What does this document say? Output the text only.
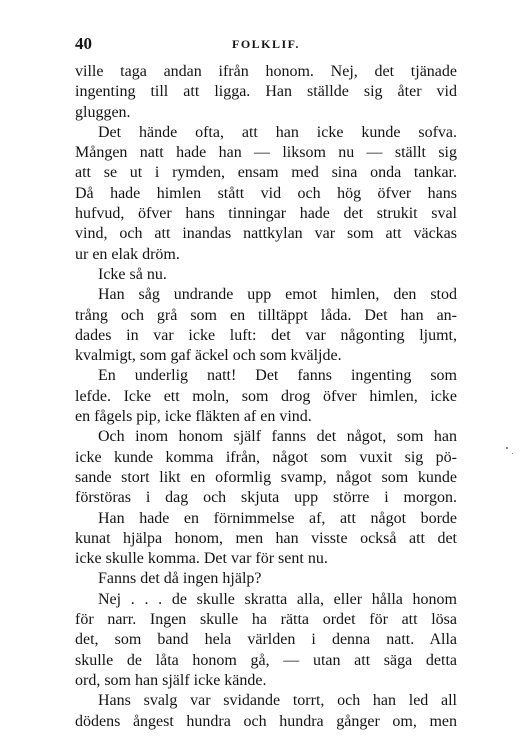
40	FOLKLIF.
ville taga andan ifrån honom. Nej, det tjänade
ingenting till att ligga. Han ställde sig åter vid
gluggen.
Det hände ofta, att han icke kunde sofva.
Mången natt hade han — liksom nu — ställt sig
att se ut i rymden, ensam med sina onda tankar.
Då hade himlen stått vid och hög öfver hans
hufvud, öfver hans tinningar hade det strukit sval
vind, och att inandas nattkylan var som att väckas
ur en elak dröm.
Icke så nu.
Han såg undrande upp emot himlen, den stod
trång och grå som en tilltäppt låda. Det han an-
dades in var icke luft: det var någonting ljumt,
kvalmigt, som gaf äckel och som kväljde.
En underlig natt! Det fanns ingenting som
lefde. Icke ett moln, som drog öfver himlen, icke
en fågels pip, icke fläkten af en vind.
Och inom honom själf fanns det något, som han
icke kunde komma ifrån, något som vuxit sig pö-
sande stort likt en oformlig svamp, något som kunde
förstöras i dag och skjuta upp större i morgon.
Han hade en förnimmelse af, att något borde
kunat hjälpa honom, men han visste också att det
icke skulle komma. Det var för sent nu.
Fanns det då ingen hjälp?
Nej . . . de skulle skratta alla, eller hålla honom
för narr. Ingen skulle ha rätta ordet för att lösa
det, som band hela världen i denna natt. Alla
skulle de låta honom gå, — utan att säga detta
ord, som han själf icke kände.
Hans svalg var svidande torrt, och han led all
dödens ångest hundra och hundra gånger om, men
